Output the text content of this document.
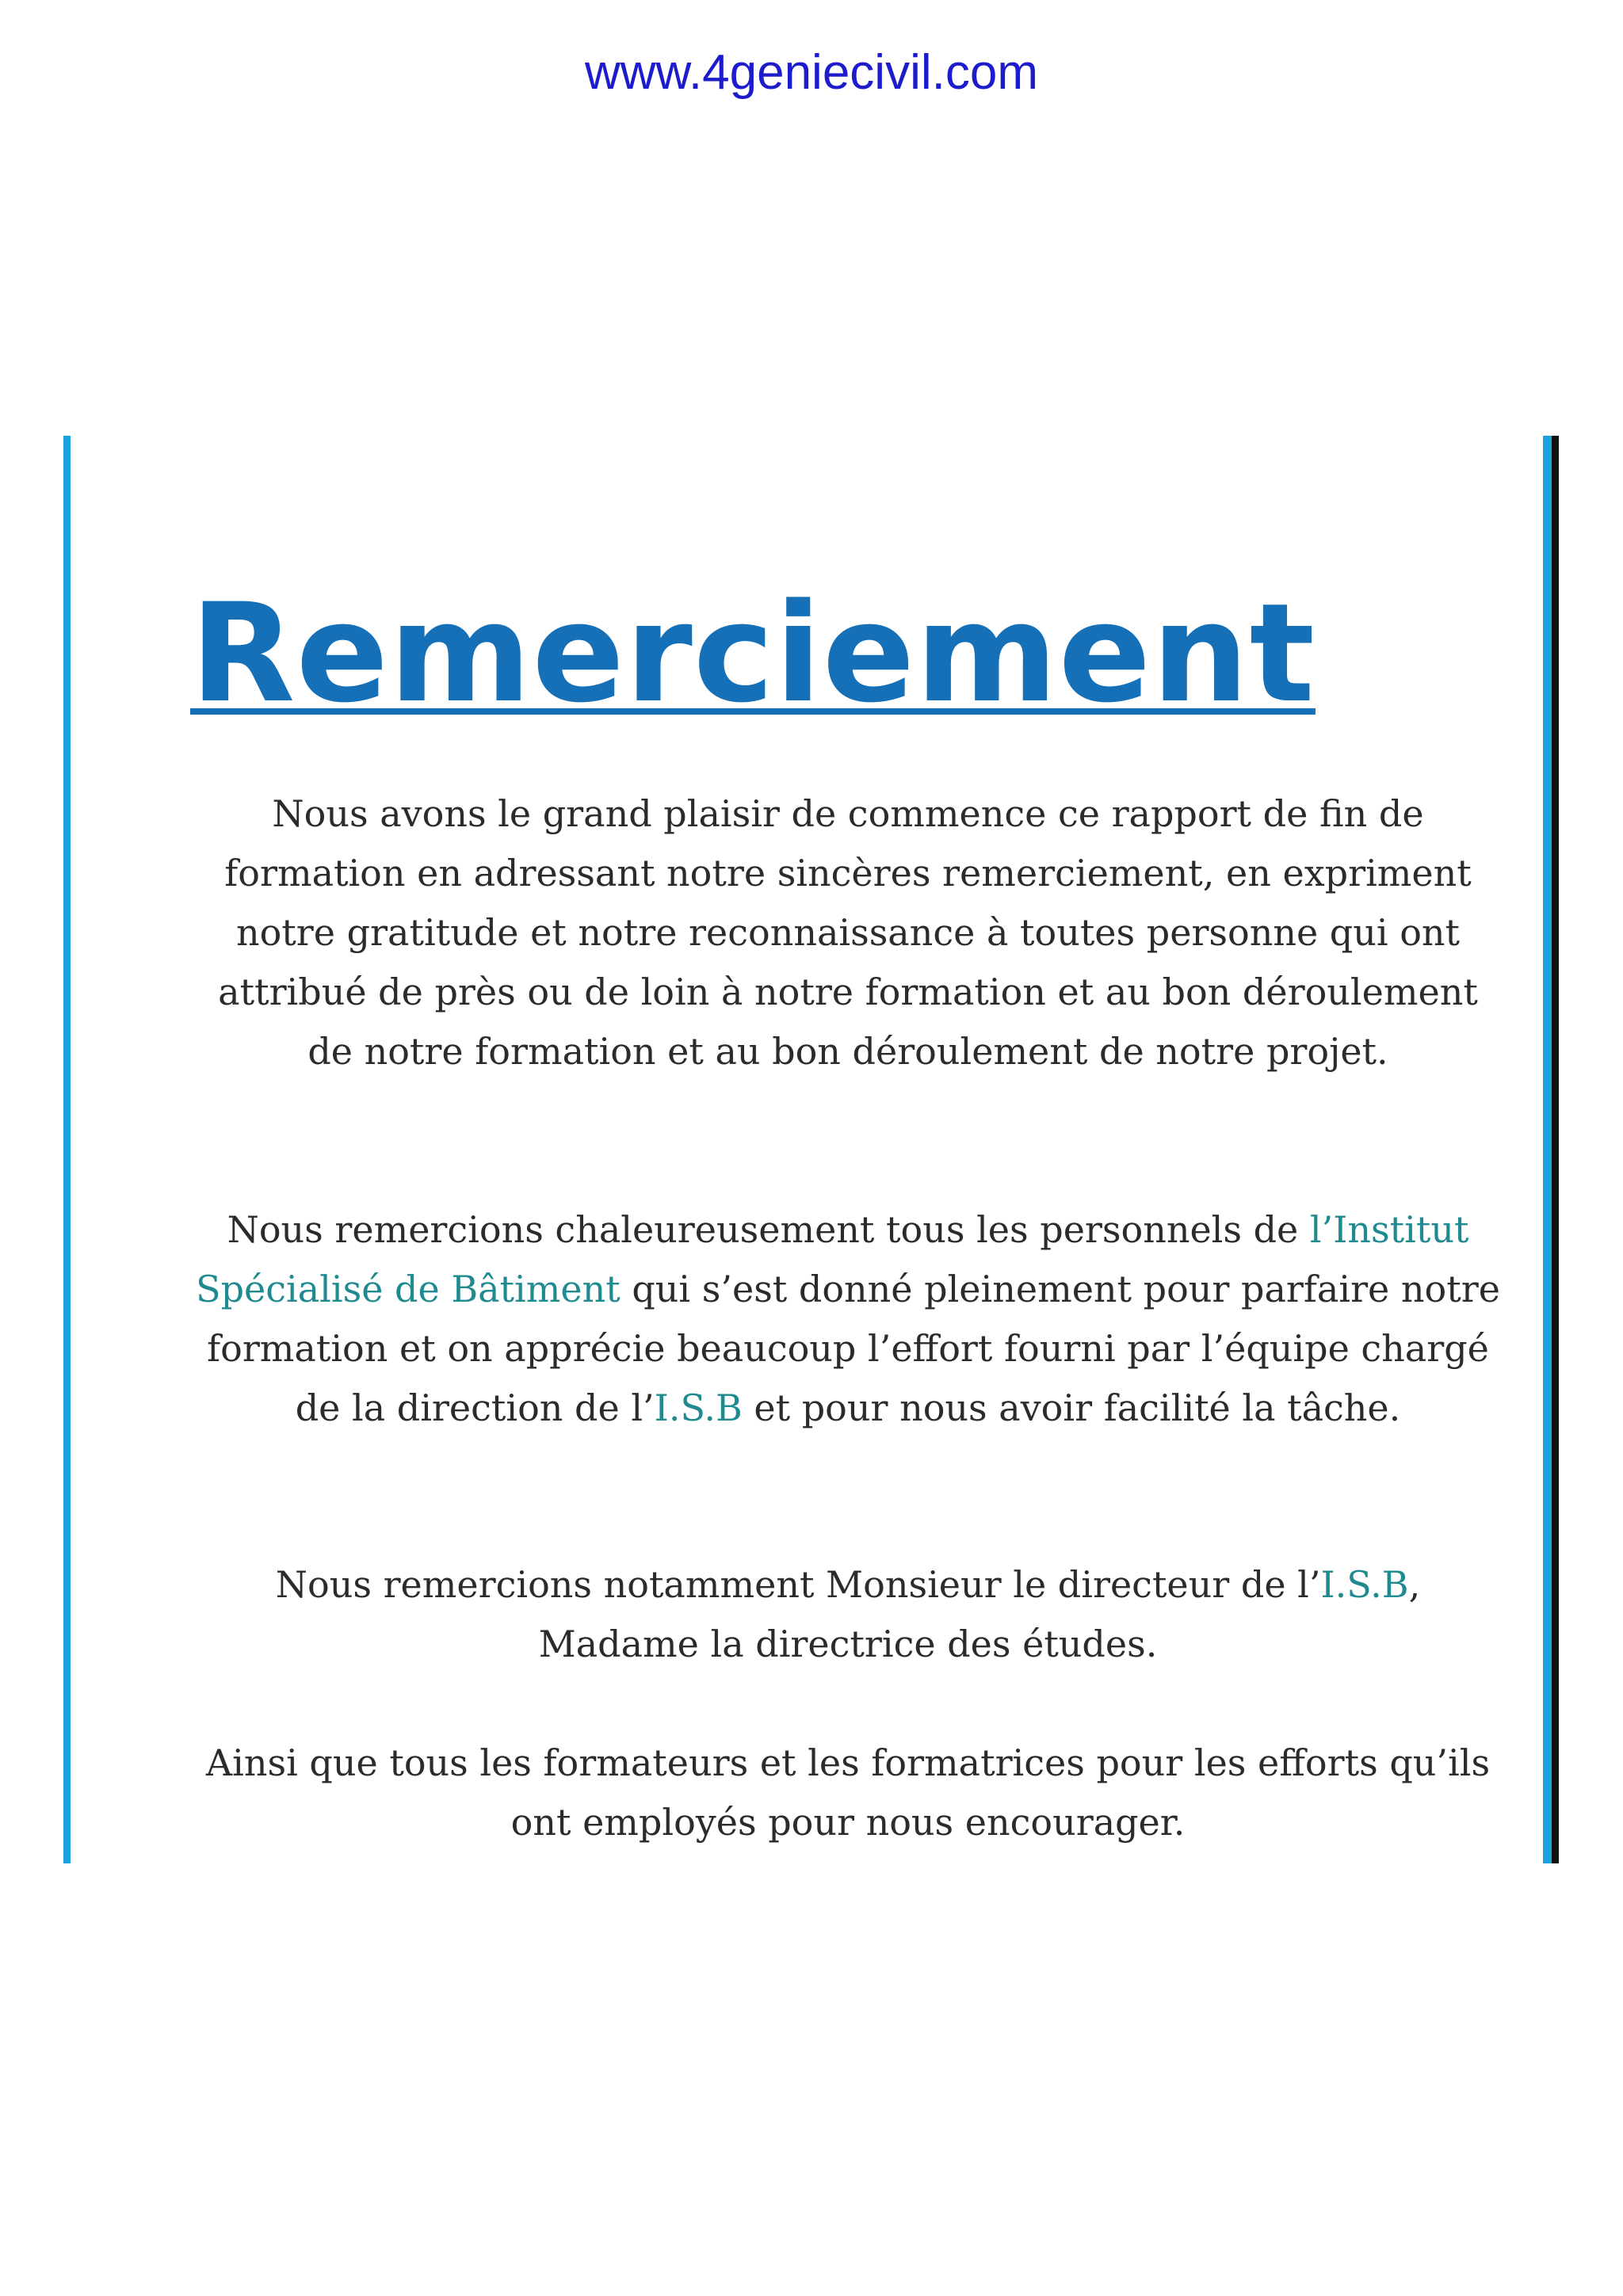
www.4geniecivil.com
Remerciement

Nous avons le grand plaisir de commence ce rapport de fin de formation en adressant notre sincères remerciement, en expriment notre gratitude et notre reconnaissance à toutes personne qui ont attribué de près ou de loin à notre formation et au bon déroulement de notre formation et au bon déroulement de notre projet.

Nous remercions chaleureusement tous les personnels de l’Institut Spécialisé de Bâtiment qui s’est donné pleinement pour parfaire notre formation et on apprécie beaucoup l’effort fourni par l’équipe chargé de la direction de l’I.S.B et pour nous avoir facilité la tâche.

Nous remercions notamment Monsieur le directeur de l’I.S.B, Madame la directrice des études.

Ainsi que tous les formateurs et les formatrices pour les efforts qu’ils ont employés pour nous encourager.
